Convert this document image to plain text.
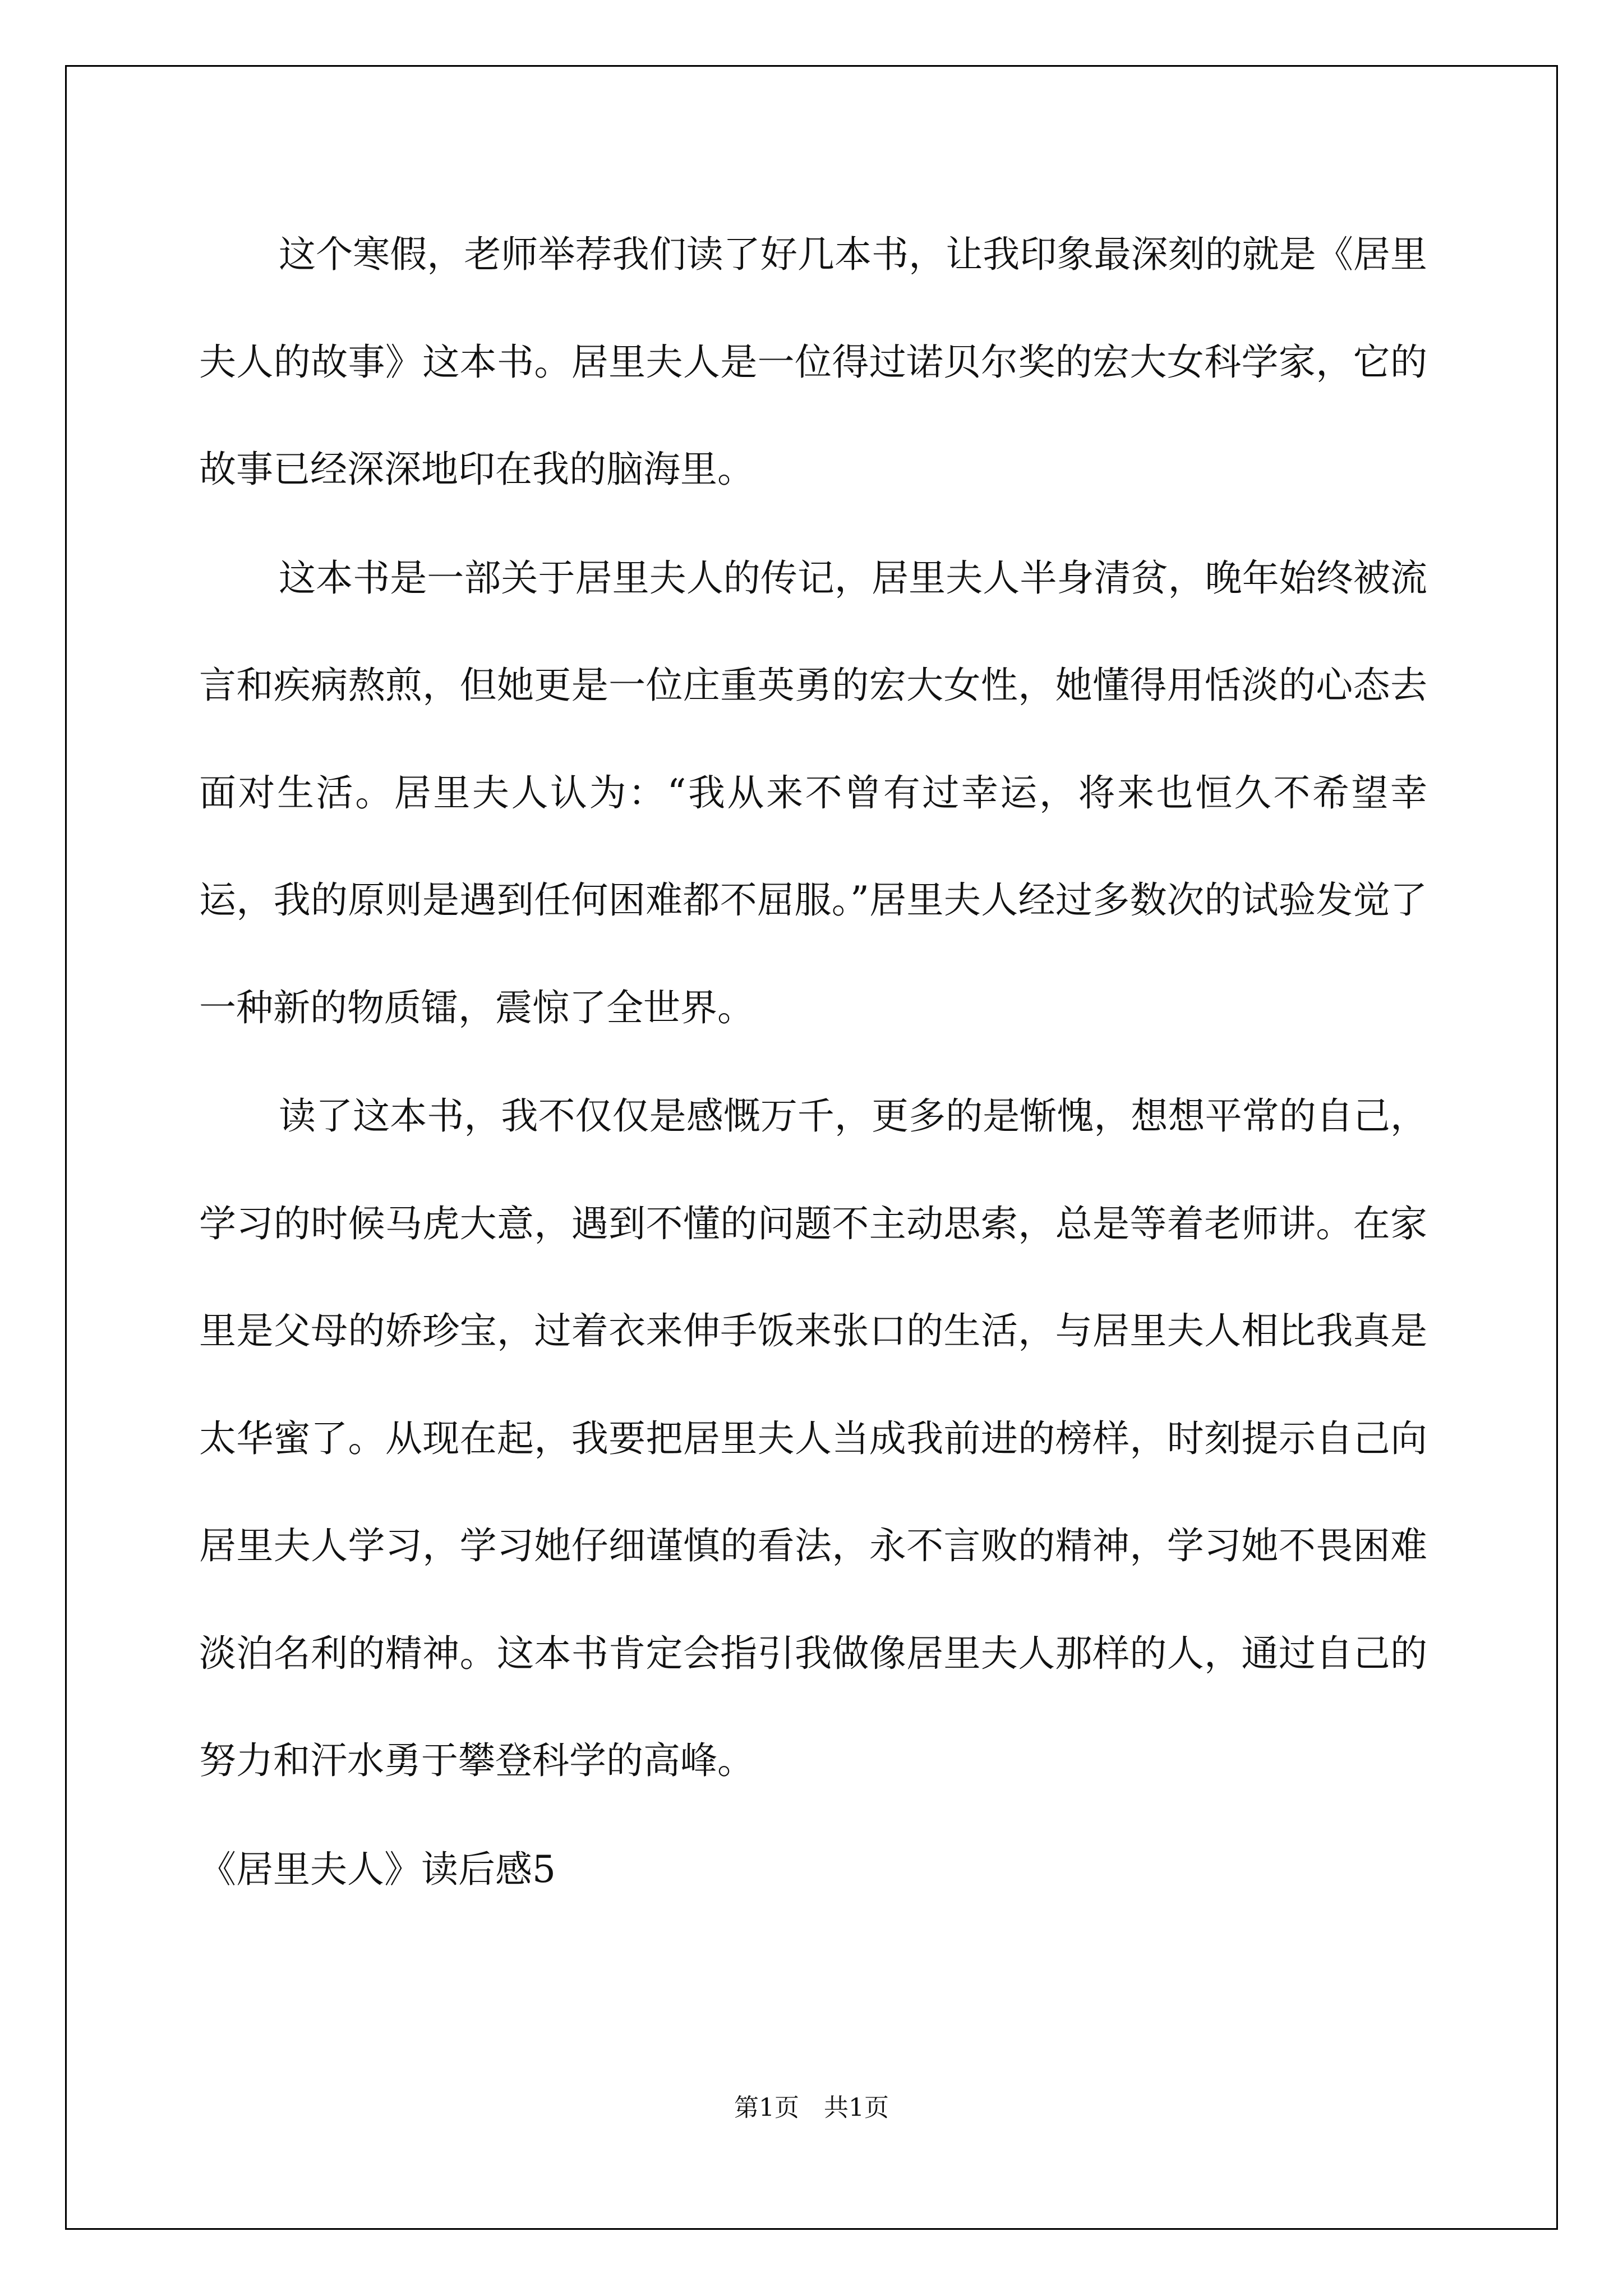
这个寒假，老师举荐我们读了好几本书，让我印象最深刻的就是《居里夫人的故事》这本书。居里夫人是一位得过诺贝尔奖的宏大女科学家，它的故事已经深深地印在我的脑海里。

这本书是一部关于居里夫人的传记，居里夫人半身清贫，晚年始终被流言和疾病熬煎，但她更是一位庄重英勇的宏大女性，她懂得用恬淡的心态去面对生活。居里夫人认为：“我从来不曾有过幸运，将来也恒久不希望幸运，我的原则是遇到任何困难都不屈服。”居里夫人经过多数次的试验发觉了一种新的物质镭，震惊了全世界。

读了这本书，我不仅仅是感慨万千，更多的是惭愧，想想平常的自己，学习的时候马虎大意，遇到不懂的问题不主动思索，总是等着老师讲。在家里是父母的娇珍宝，过着衣来伸手饭来张口的生活，与居里夫人相比我真是太华蜜了。从现在起，我要把居里夫人当成我前进的榜样，时刻提示自己向居里夫人学习，学习她仔细谨慎的看法，永不言败的精神，学习她不畏困难淡泊名利的精神。这本书肯定会指引我做像居里夫人那样的人，通过自己的努力和汗水勇于攀登科学的高峰。

《居里夫人》读后感5

第1页 共1页
